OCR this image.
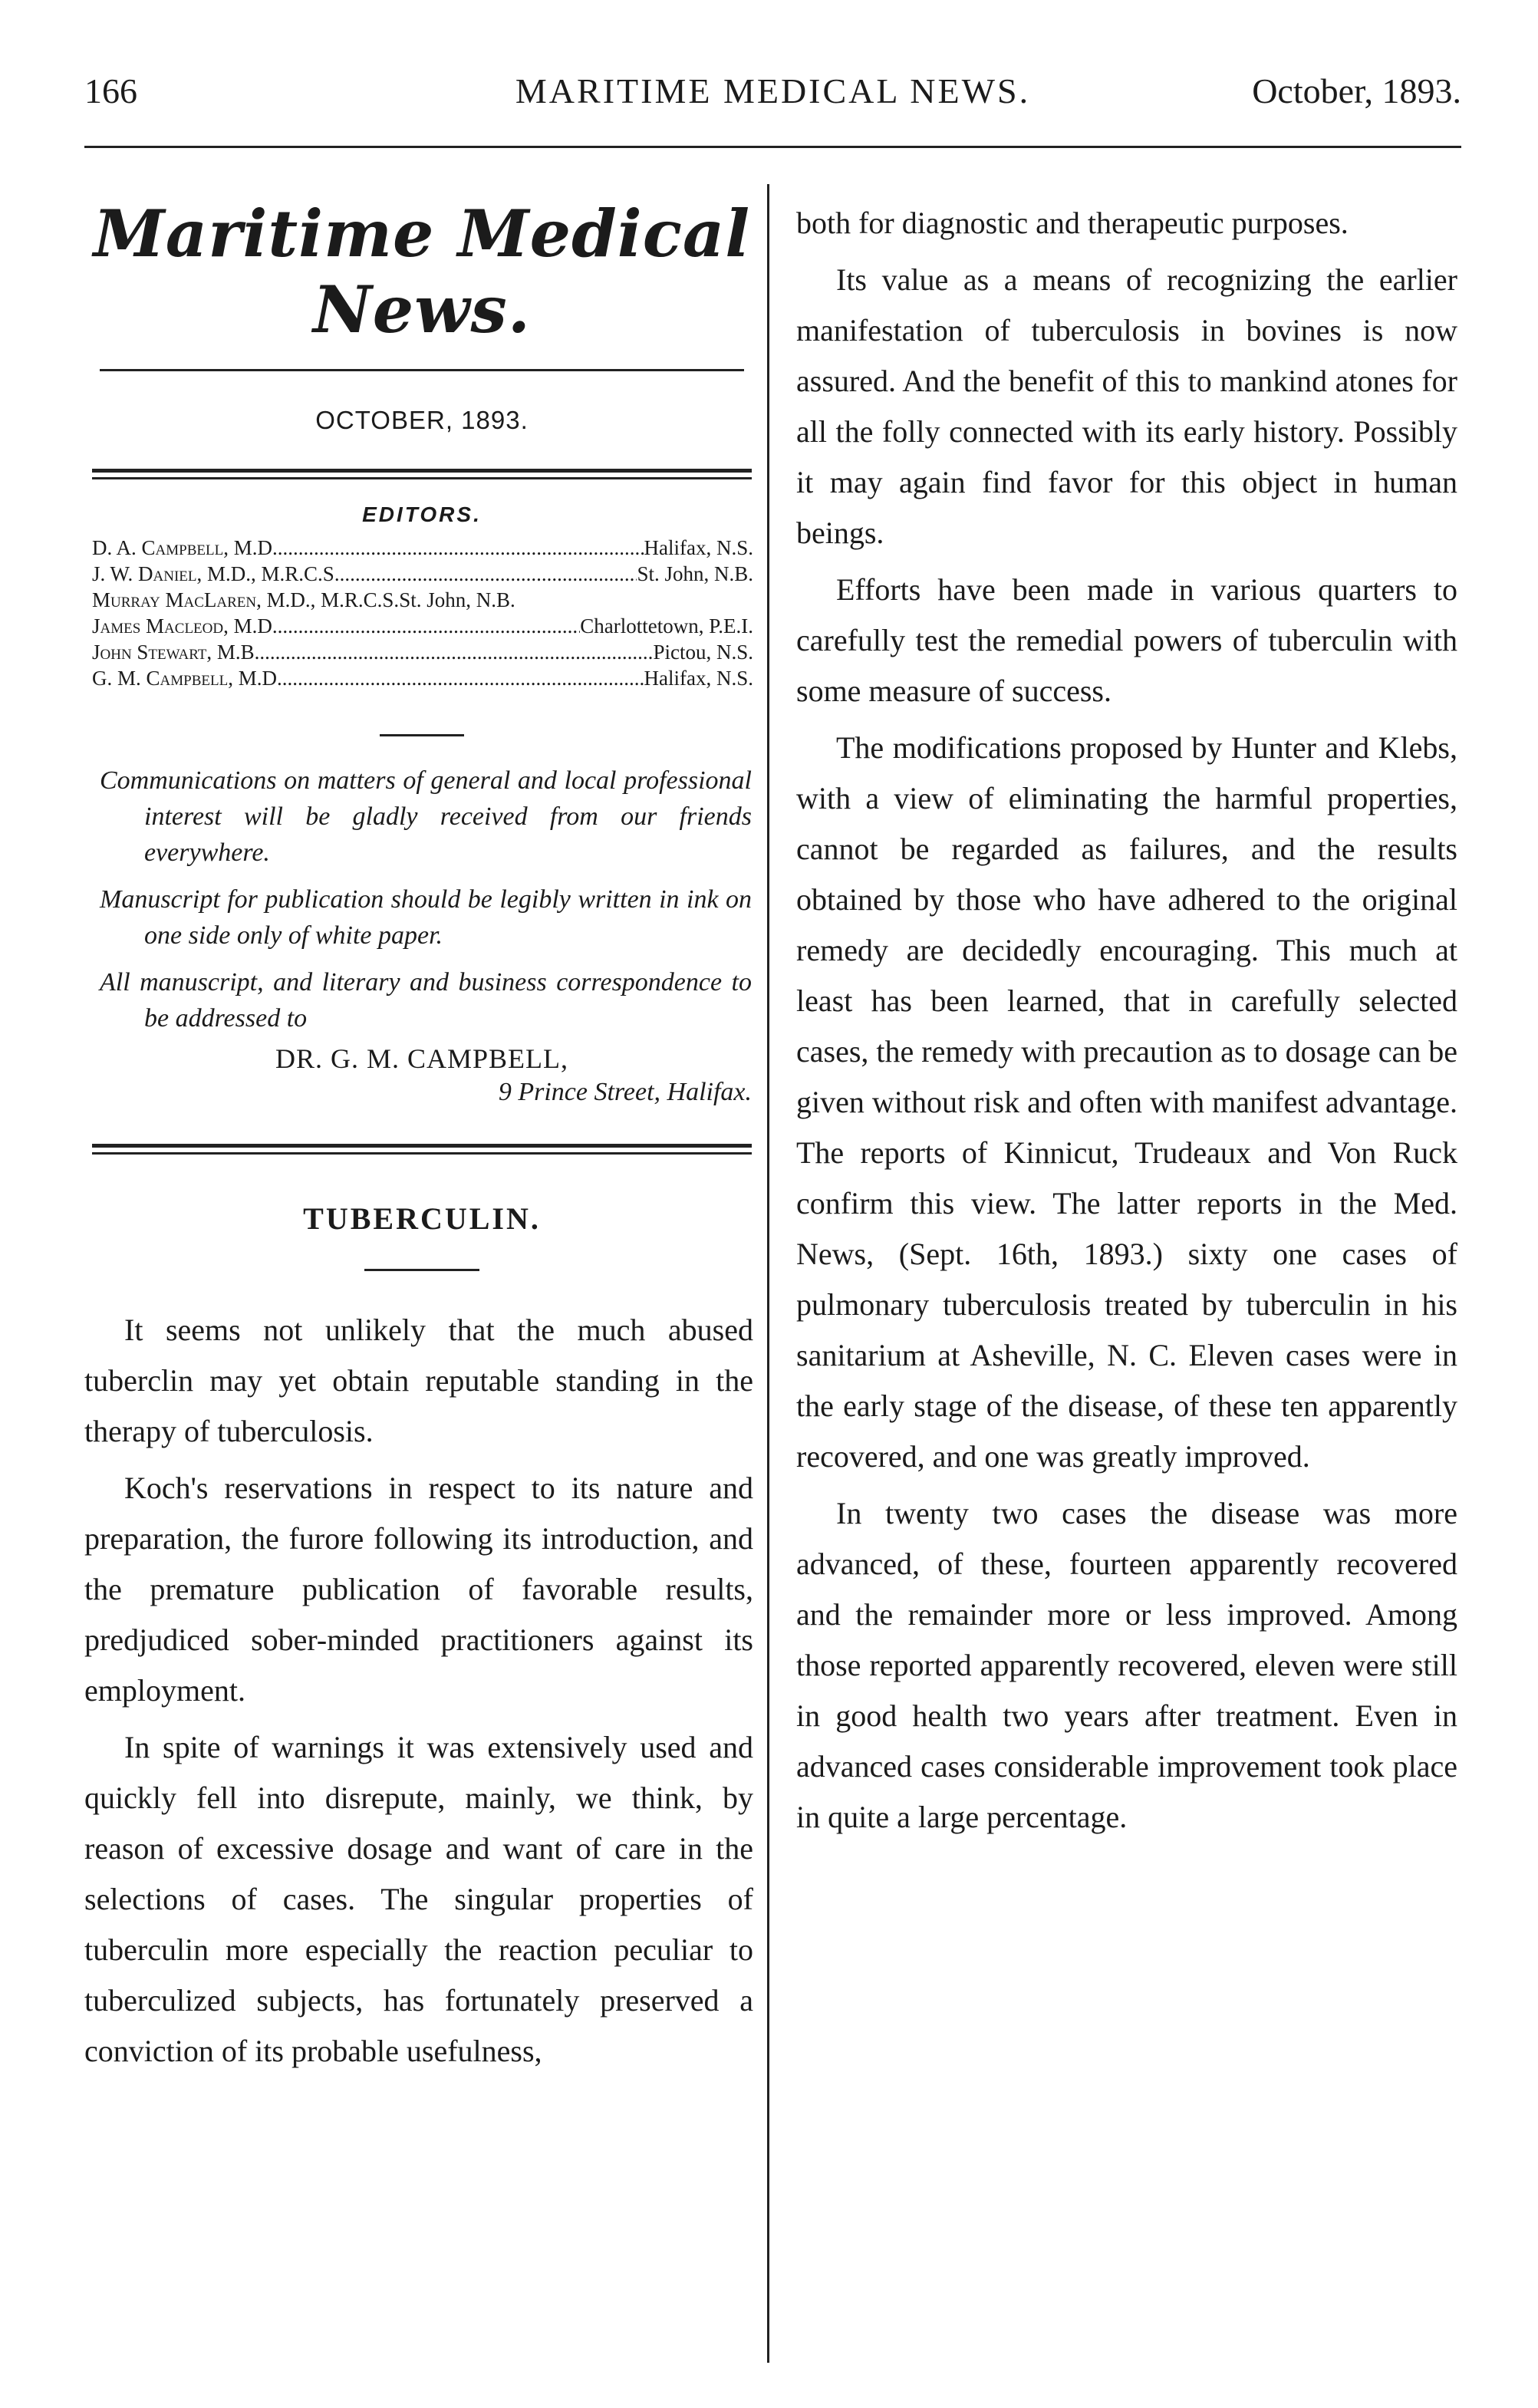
166	MARITIME MEDICAL NEWS.	October, 1893.
Maritime Medical News.
OCTOBER, 1893.
EDITORS.
D. A. Campbell, M.D .....	Halifax, N.S.
J. W. Daniel, M.D., M.R.C.S .....	St. John, N.B.
Murray MacLaren, M.D., M.R.C.S. St. John, N.B.
James Macleod, M.D .....	Charlottetown, P.E.I.
John Stewart, M.B .....	Pictou, N.S.
G. M. Campbell, M.D .....	Halifax, N.S.
Communications on matters of general and local professional interest will be gladly received from our friends everywhere.
Manuscript for publication should be legibly written in ink on one side only of white paper.
All manuscript, and literary and business correspondence to be addressed to
DR. G. M. CAMPBELL,
9 Prince Street, Halifax.
TUBERCULIN.

It seems not unlikely that the much abused tuberclin may yet obtain reputable standing in the therapy of tuberculosis.

Koch's reservations in respect to its nature and preparation, the furore following its introduction, and the premature publication of favorable results, predjudiced sober-minded practitioners against its employment.

In spite of warnings it was extensively used and quickly fell into disrepute, mainly, we think, by reason of excessive dosage and want of care in the selections of cases. The singular properties of tuberculin more especially the reaction peculiar to tuberculized subjects, has fortunately preserved a conviction of its probable usefulness,

both for diagnostic and therapeutic purposes.

Its value as a means of recognizing the earlier manifestation of tuberculosis in bovines is now assured. And the benefit of this to mankind atones for all the folly connected with its early history. Possibly it may again find favor for this object in human beings.

Efforts have been made in various quarters to carefully test the remedial powers of tuberculin with some measure of success.

The modifications proposed by Hunter and Klebs, with a view of eliminating the harmful properties, cannot be regarded as failures, and the results obtained by those who have adhered to the original remedy are decidedly encouraging. This much at least has been learned, that in carefully selected cases, the remedy with precaution as to dosage can be given without risk and often with manifest advantage. The reports of Kinnicut, Trudeaux and Von Ruck confirm this view. The latter reports in the Med. News, (Sept. 16th, 1893.) sixty one cases of pulmonary tuberculosis treated by tuberculin in his sanitarium at Asheville, N. C. Eleven cases were in the early stage of the disease, of these ten apparently recovered, and one was greatly improved.

In twenty two cases the disease was more advanced, of these, fourteen apparently recovered and the remainder more or less improved. Among those reported apparently recovered, eleven were still in good health two years after treatment. Even in advanced cases considerable improvement took place in quite a large percentage.
